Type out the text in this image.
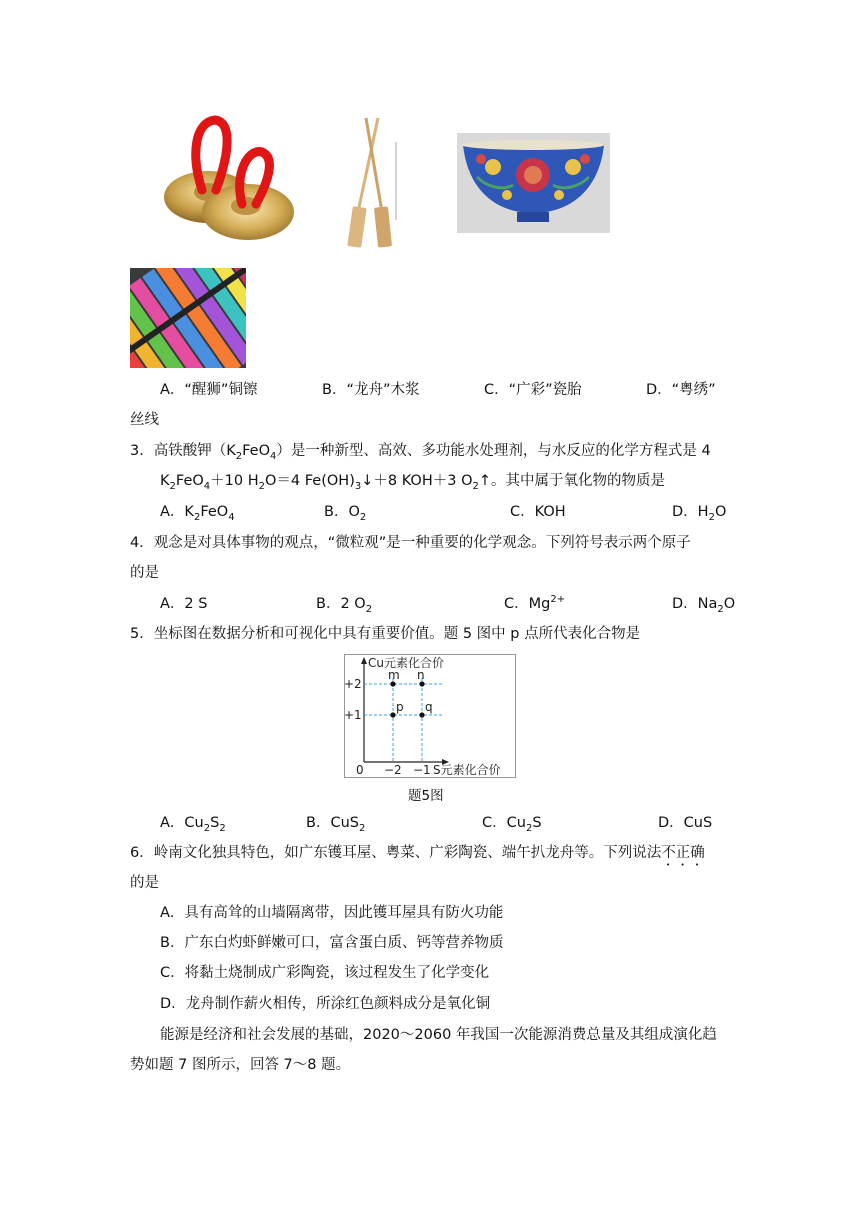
A．“醒狮”铜镲	B．“龙舟”木浆	C．“广彩”瓷胎	D．“粤绣”
丝线
3．高铁酸钾$(K_2FeO_4)$是一种新型、高效、多功能水处理剂，与水反应的化学方程式是 4
$K_2FeO_4+10$ $H_2O=4$ $Fe(OH)_3↓+8$ KOH＋3 $O_2↑$。其中属于氧化物的物质是
A．$K_2FeO_4$	B．$O_2$	C．KOH	D．$H_2O$
4．观念是对具体事物的观点，“微粒观”是一种重要的化学观念。下列符号表示两个原子
的是
A．2 S	B．2 $O_2$	C．$Mg^{2+}$	D．$Na_2O$
5．坐标图在数据分析和可视化中具有重要价值。题 5 图中 p 点所代表化合物是
m n
p q
Cu元素化合价
S元素化合价
0
+2
+1
−2 −1
题5图
A．$Cu_2S_2$	B．CuS$_2$	C．$Cu_2S$	D．CuS
6．岭南文化独具特色，如广东镬耳屋、粤菜、广彩陶瓷、端午扒龙舟等。下列说法不正确
的是
A．具有高耸的山墙隔离带，因此镬耳屋具有防火功能
B．广东白灼虾鲜嫩可口，富含蛋白质、钙等营养物质
C．将黏土烧制成广彩陶瓷，该过程发生了化学变化
D．龙舟制作薪火相传，所涂红色颜料成分是氧化铜
能源是经济和社会发展的基础，2020～2060 年我国一次能源消费总量及其组成演化趋
势如题 7 图所示，回答 7～8 题。
